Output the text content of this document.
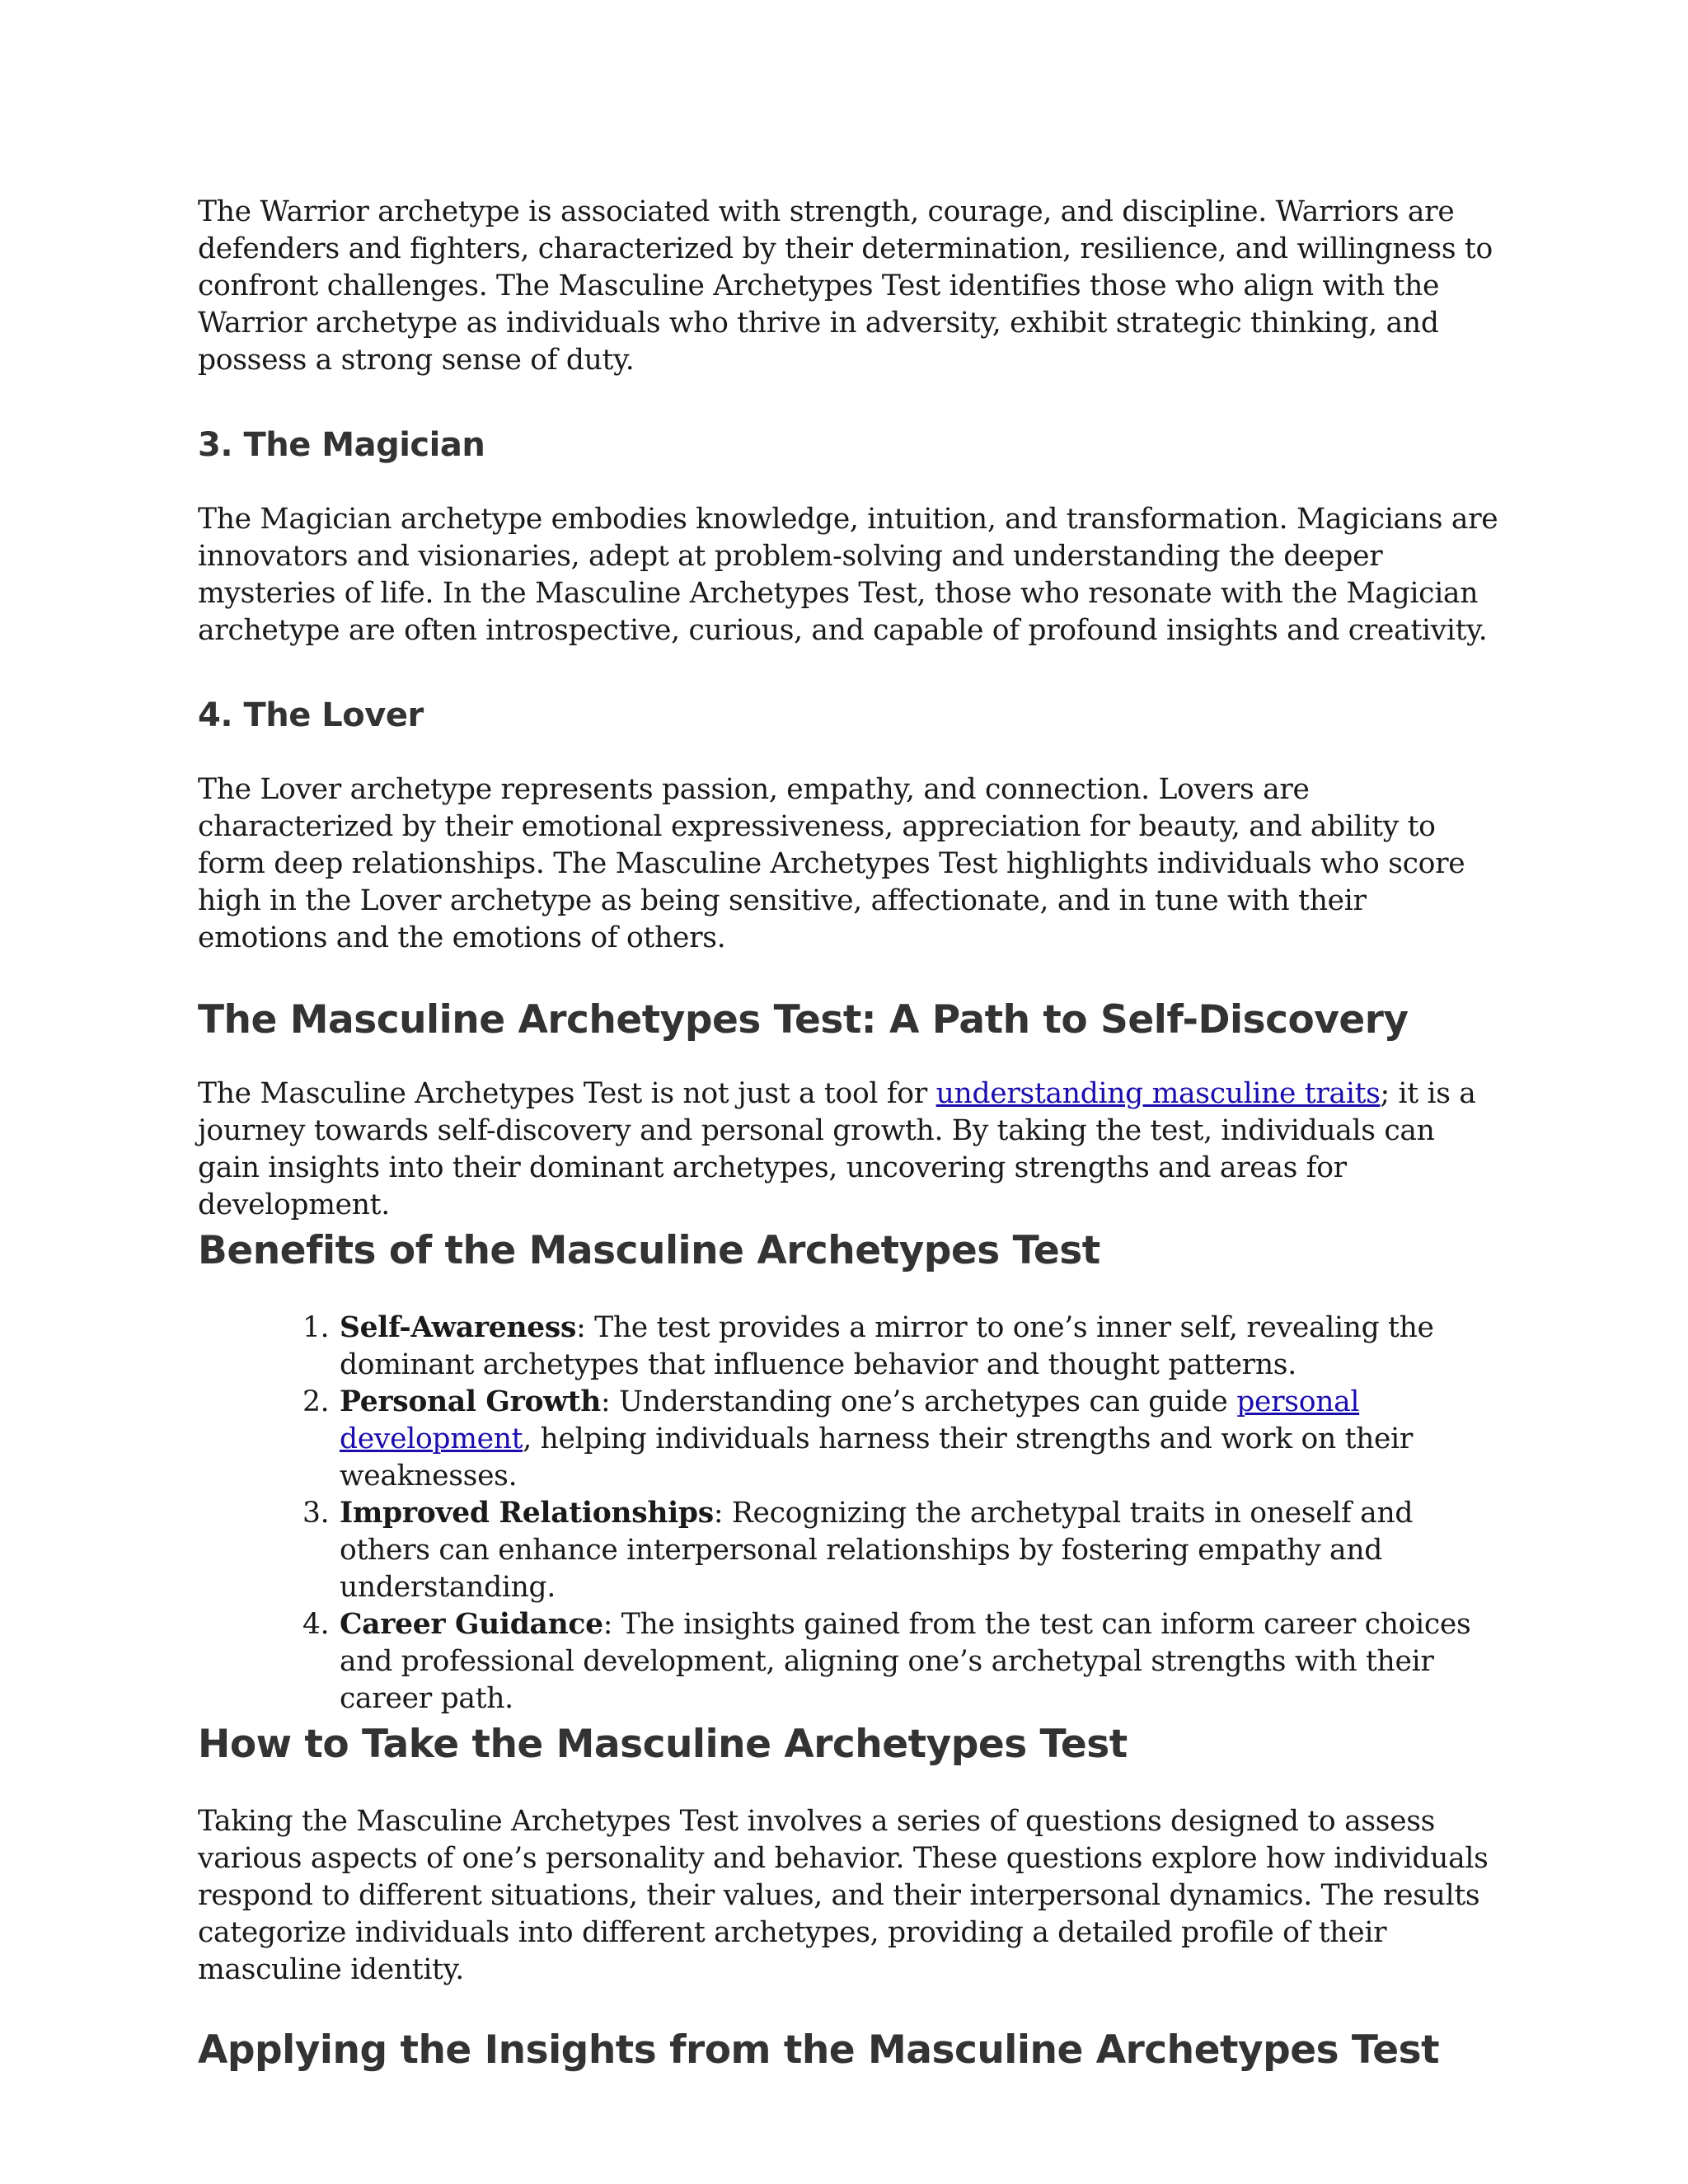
The Warrior archetype is associated with strength, courage, and discipline. Warriors are defenders and fighters, characterized by their determination, resilience, and willingness to confront challenges. The Masculine Archetypes Test identifies those who align with the Warrior archetype as individuals who thrive in adversity, exhibit strategic thinking, and possess a strong sense of duty.

3. The Magician

The Magician archetype embodies knowledge, intuition, and transformation. Magicians are innovators and visionaries, adept at problem-solving and understanding the deeper mysteries of life. In the Masculine Archetypes Test, those who resonate with the Magician archetype are often introspective, curious, and capable of profound insights and creativity.

4. The Lover

The Lover archetype represents passion, empathy, and connection. Lovers are characterized by their emotional expressiveness, appreciation for beauty, and ability to form deep relationships. The Masculine Archetypes Test highlights individuals who score high in the Lover archetype as being sensitive, affectionate, and in tune with their emotions and the emotions of others.

The Masculine Archetypes Test: A Path to Self-Discovery

The Masculine Archetypes Test is not just a tool for understanding masculine traits; it is a journey towards self-discovery and personal growth. By taking the test, individuals can gain insights into their dominant archetypes, uncovering strengths and areas for development.

Benefits of the Masculine Archetypes Test
1. Self-Awareness: The test provides a mirror to one’s inner self, revealing the dominant archetypes that influence behavior and thought patterns.
2. Personal Growth: Understanding one’s archetypes can guide personal development, helping individuals harness their strengths and work on their weaknesses.
3. Improved Relationships: Recognizing the archetypal traits in oneself and others can enhance interpersonal relationships by fostering empathy and understanding.
4. Career Guidance: The insights gained from the test can inform career choices and professional development, aligning one’s archetypal strengths with their career path.
How to Take the Masculine Archetypes Test

Taking the Masculine Archetypes Test involves a series of questions designed to assess various aspects of one’s personality and behavior. These questions explore how individuals respond to different situations, their values, and their interpersonal dynamics. The results categorize individuals into different archetypes, providing a detailed profile of their masculine identity.

Applying the Insights from the Masculine Archetypes Test
